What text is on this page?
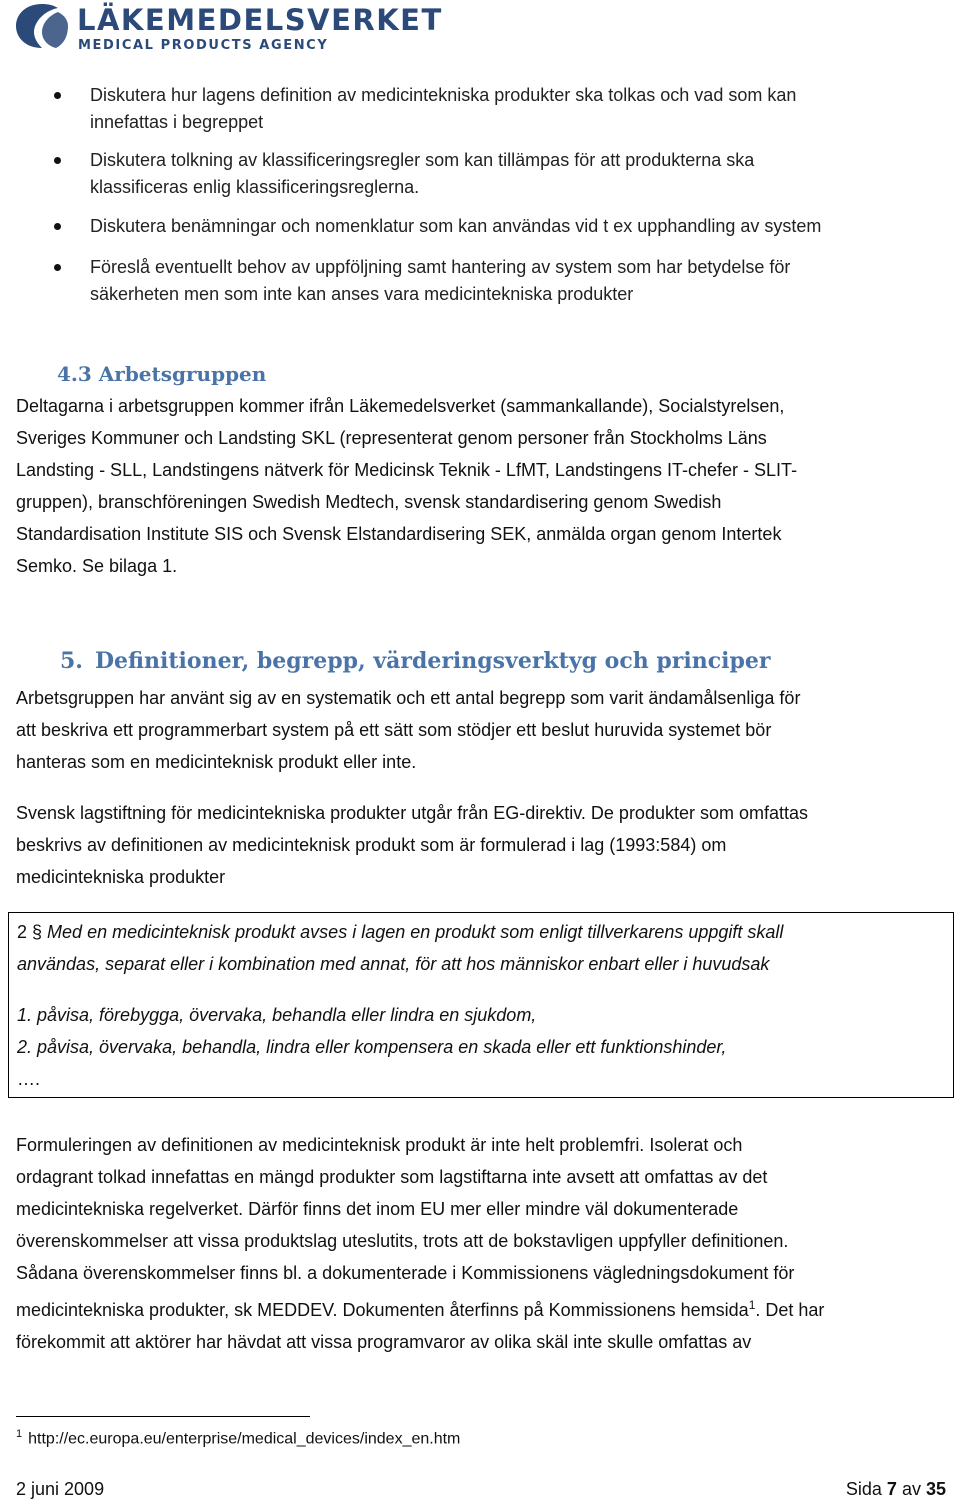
LÄKEMEDELSVERKET
MEDICAL PRODUCTS AGENCY
Diskutera hur lagens definition av medicintekniska produkter ska tolkas och vad som kan
innefattas i begreppet
Diskutera tolkning av klassificeringsregler som kan tillämpas för att produkterna ska
klassificeras enlig klassificeringsreglerna.
Diskutera benämningar och nomenklatur som kan användas vid t ex upphandling av system
Föreslå eventuellt behov av uppföljning samt hantering av system som har betydelse för
säkerheten men som inte kan anses vara medicintekniska produkter
4.3 Arbetsgruppen
Deltagarna i arbetsgruppen kommer ifrån Läkemedelsverket (sammankallande), Socialstyrelsen,
Sveriges Kommuner och Landsting SKL (representerat genom personer från Stockholms Läns
Landsting - SLL, Landstingens nätverk för Medicinsk Teknik - LfMT, Landstingens IT-chefer - SLIT-
gruppen), branschföreningen Swedish Medtech, svensk standardisering genom Swedish
Standardisation Institute SIS och Svensk Elstandardisering SEK, anmälda organ genom Intertek
Semko. Se bilaga 1.
5. Definitioner, begrepp, värderingsverktyg och principer
Arbetsgruppen har använt sig av en systematik och ett antal begrepp som varit ändamålsenliga för
att beskriva ett programmerbart system på ett sätt som stödjer ett beslut huruvida systemet bör
hanteras som en medicinteknisk produkt eller inte.
Svensk lagstiftning för medicintekniska produkter utgår från EG-direktiv. De produkter som omfattas
beskrivs av definitionen av medicinteknisk produkt som är formulerad i lag (1993:584) om
medicintekniska produkter

2 § Med en medicinteknisk produkt avses i lagen en produkt som enligt tillverkarens uppgift skall

användas, separat eller i kombination med annat, för att hos människor enbart eller i huvudsak

1. påvisa, förebygga, övervaka, behandla eller lindra en sjukdom,

2. påvisa, övervaka, behandla, lindra eller kompensera en skada eller ett funktionshinder,

….

Formuleringen av definitionen av medicinteknisk produkt är inte helt problemfri. Isolerat och
ordagrant tolkad innefattas en mängd produkter som lagstiftarna inte avsett att omfattas av det
medicintekniska regelverket. Därför finns det inom EU mer eller mindre väl dokumenterade
överenskommelser att vissa produktslag uteslutits, trots att de bokstavligen uppfyller definitionen.
Sådana överenskommelser finns bl. a dokumenterade i Kommissionens vägledningsdokument för
medicintekniska produkter, sk MEDDEV. Dokumenten återfinns på Kommissionens hemsida$^1$. Det har
förekommit att aktörer har hävdat att vissa programvaror av olika skäl inte skulle omfattas av
$^1$ http://ec.europa.eu/enterprise/medical_devices/index_en.htm
2 juni 2009	Sida 7 av 35
